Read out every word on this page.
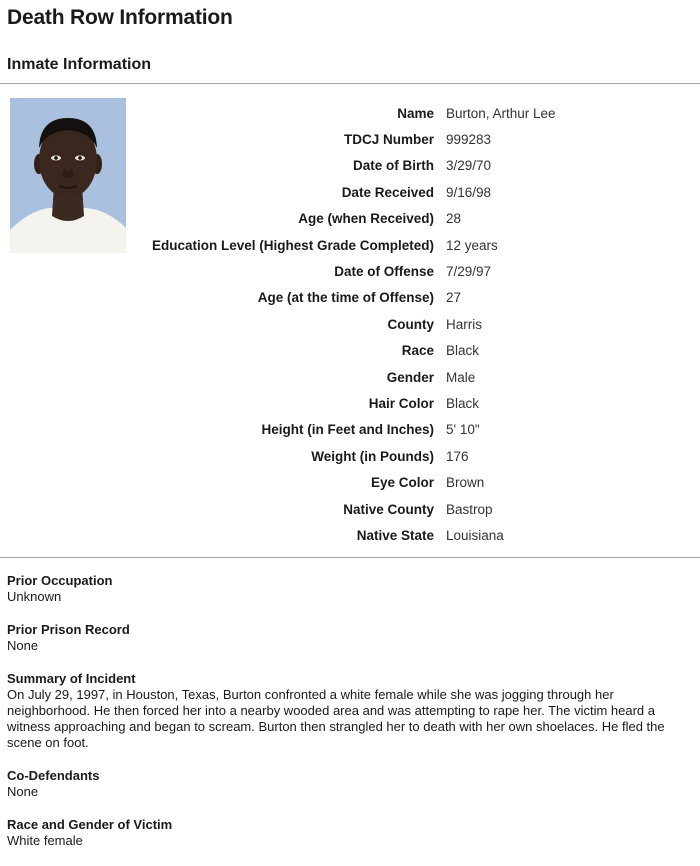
Death Row Information
Inmate Information
Name	Burton, Arthur Lee
TDCJ Number	999283
Date of Birth	3/29/70
Date Received	9/16/98
Age (when Received)	28
Education Level (Highest Grade Completed)	12 years
Date of Offense	7/29/97
Age (at the time of Offense)	27
County	Harris
Race	Black
Gender	Male
Hair Color	Black
Height (in Feet and Inches)	5' 10"
Weight (in Pounds)	176
Eye Color	Brown
Native County	Bastrop
Native State	Louisiana
Prior Occupation
Unknown
Prior Prison Record
None
Summary of Incident
On July 29, 1997, in Houston, Texas, Burton confronted a white female while she was jogging through her neighborhood. He then forced her into a nearby wooded area and was attempting to rape her. The victim heard a witness approaching and began to scream. Burton then strangled her to death with her own shoelaces. He fled the scene on foot.
Co-Defendants
None
Race and Gender of Victim
White female
